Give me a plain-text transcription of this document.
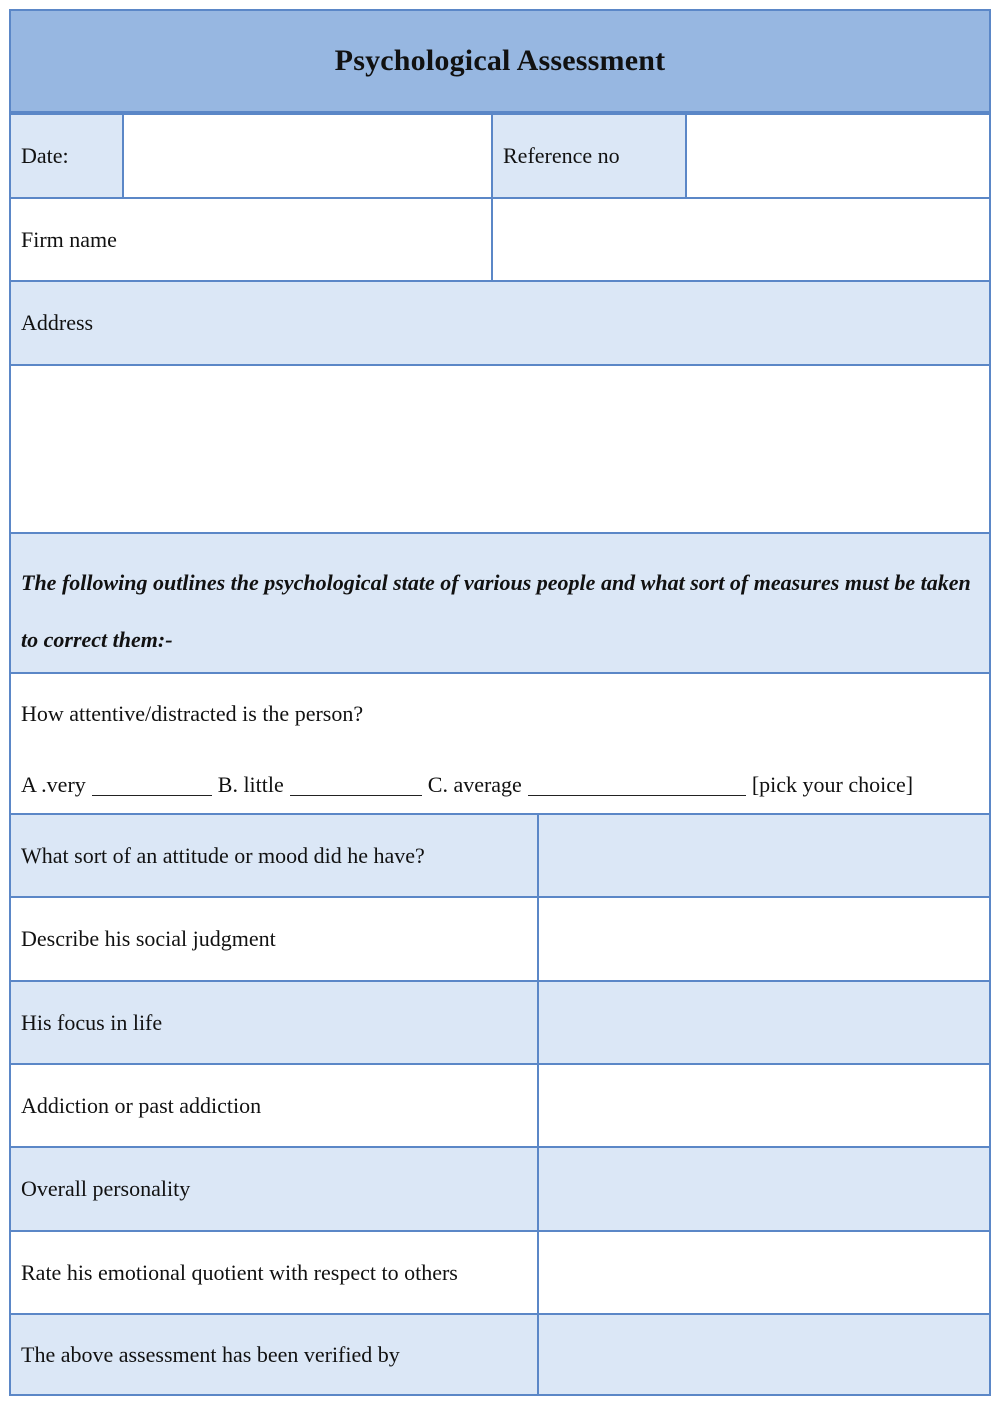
Psychological Assessment
Date:	Reference no
Firm name
Address

The following outlines the psychological state of various people and what sort of measures must be taken to correct them:-

How attentive/distracted is the person?
A .very	B. little	C. average	[pick your choice]
What sort of an attitude or mood did he have?
Describe his social judgment
His focus in life
Addiction or past addiction
Overall personality
Rate his emotional quotient with respect to others
The above assessment has been verified by
